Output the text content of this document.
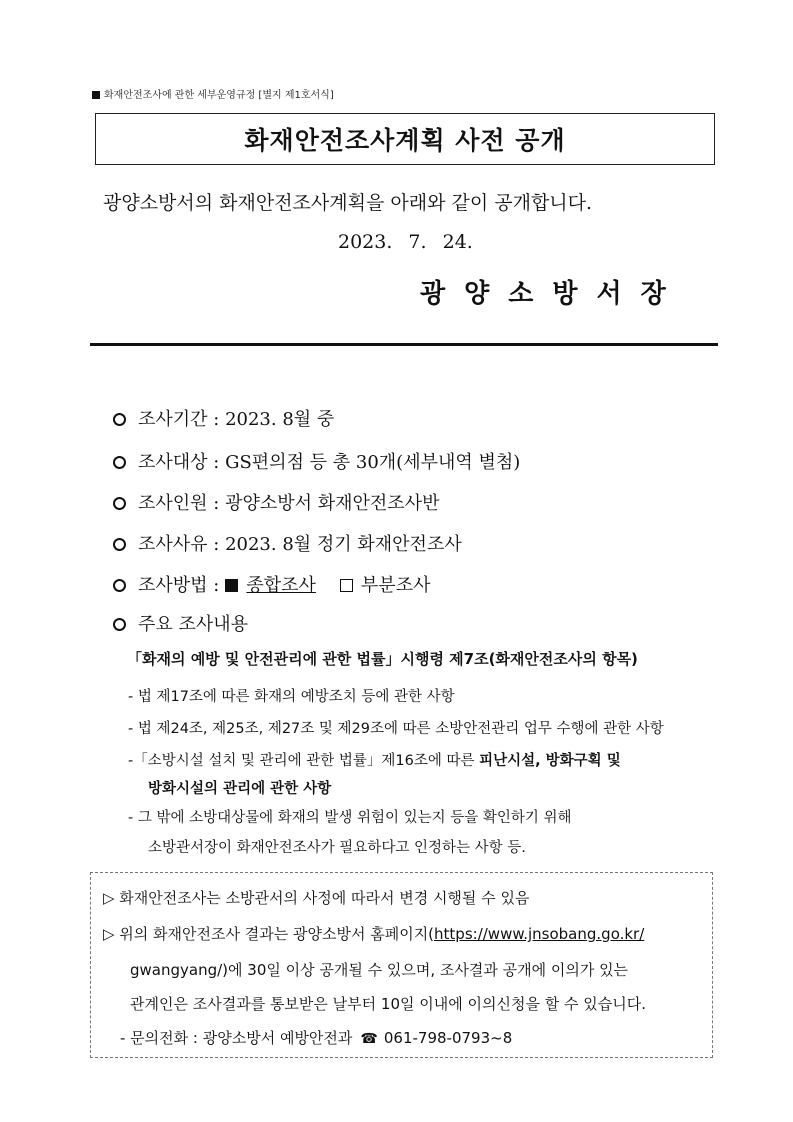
화재안전조사에 관한 세부운영규정 [별지 제1호서식]
화재안전조사계획 사전 공개
광양소방서의 화재안전조사계획을 아래와 같이 공개합니다.
2023. 7. 24.
광양소방서장
조사기간 : 2023. 8월 중
조사대상 : GS편의점 등 총 30개(세부내역 별첨)
조사인원 : 광양소방서 화재안전조사반
조사사유 : 2023. 8월 정기 화재안전조사
조사방법 : 종합조사	부분조사
주요 조사내용
「화재의 예방 및 안전관리에 관한 법률」시행령 제7조(화재안전조사의 항목)
- 법 제17조에 따른 화재의 예방조치 등에 관한 사항
- 법 제24조, 제25조, 제27조 및 제29조에 따른 소방안전관리 업무 수행에 관한 사항
-「소방시설 설치 및 관리에 관한 법률」제16조에 따른 피난시설, 방화구획 및
방화시설의 관리에 관한 사항
- 그 밖에 소방대상물에 화재의 발생 위험이 있는지 등을 확인하기 위해
소방관서장이 화재안전조사가 필요하다고 인정하는 사항 등.
▷ 화재안전조사는 소방관서의 사정에 따라서 변경 시행될 수 있음
▷ 위의 화재안전조사 결과는 광양소방서 홈페이지(https://www.jnsobang.go.kr/
gwangyang/)에 30일 이상 공개될 수 있으며, 조사결과 공개에 이의가 있는
관계인은 조사결과를 통보받은 날부터 10일 이내에 이의신청을 할 수 있습니다.
- 문의전화 : 광양소방서 예방안전과 ☎ 061-798-0793~8
